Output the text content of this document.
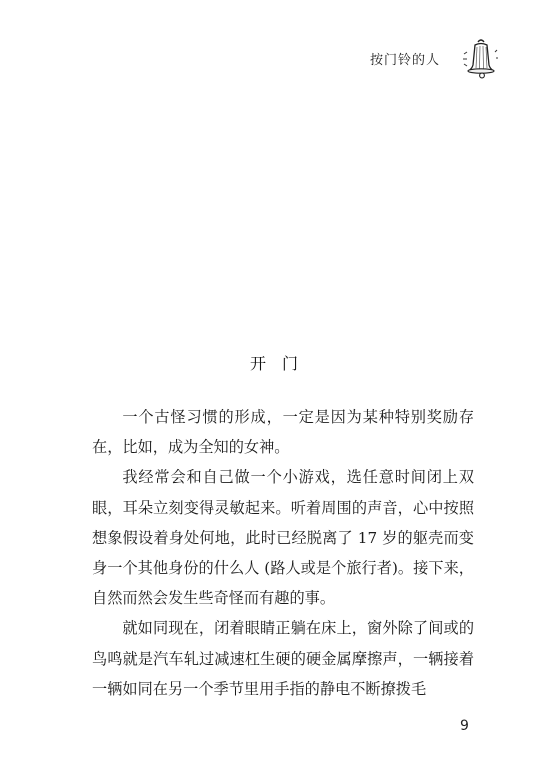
按门铃的人
开门

一个古怪习惯的形成，一定是因为某种特别奖励存在，比如，成为全知的女神。

我经常会和自己做一个小游戏，选任意时间闭上双眼，耳朵立刻变得灵敏起来。听着周围的声音，心中按照想象假设着身处何地，此时已经脱离了 17 岁的躯壳而变身一个其他身份的什么人 (路人或是个旅行者)。接下来，自然而然会发生些奇怪而有趣的事。

就如同现在，闭着眼睛正躺在床上，窗外除了间或的鸟鸣就是汽车轧过减速杠生硬的硬金属摩擦声，一辆接着一辆如同在另一个季节里用手指的静电不断撩拨毛

9
